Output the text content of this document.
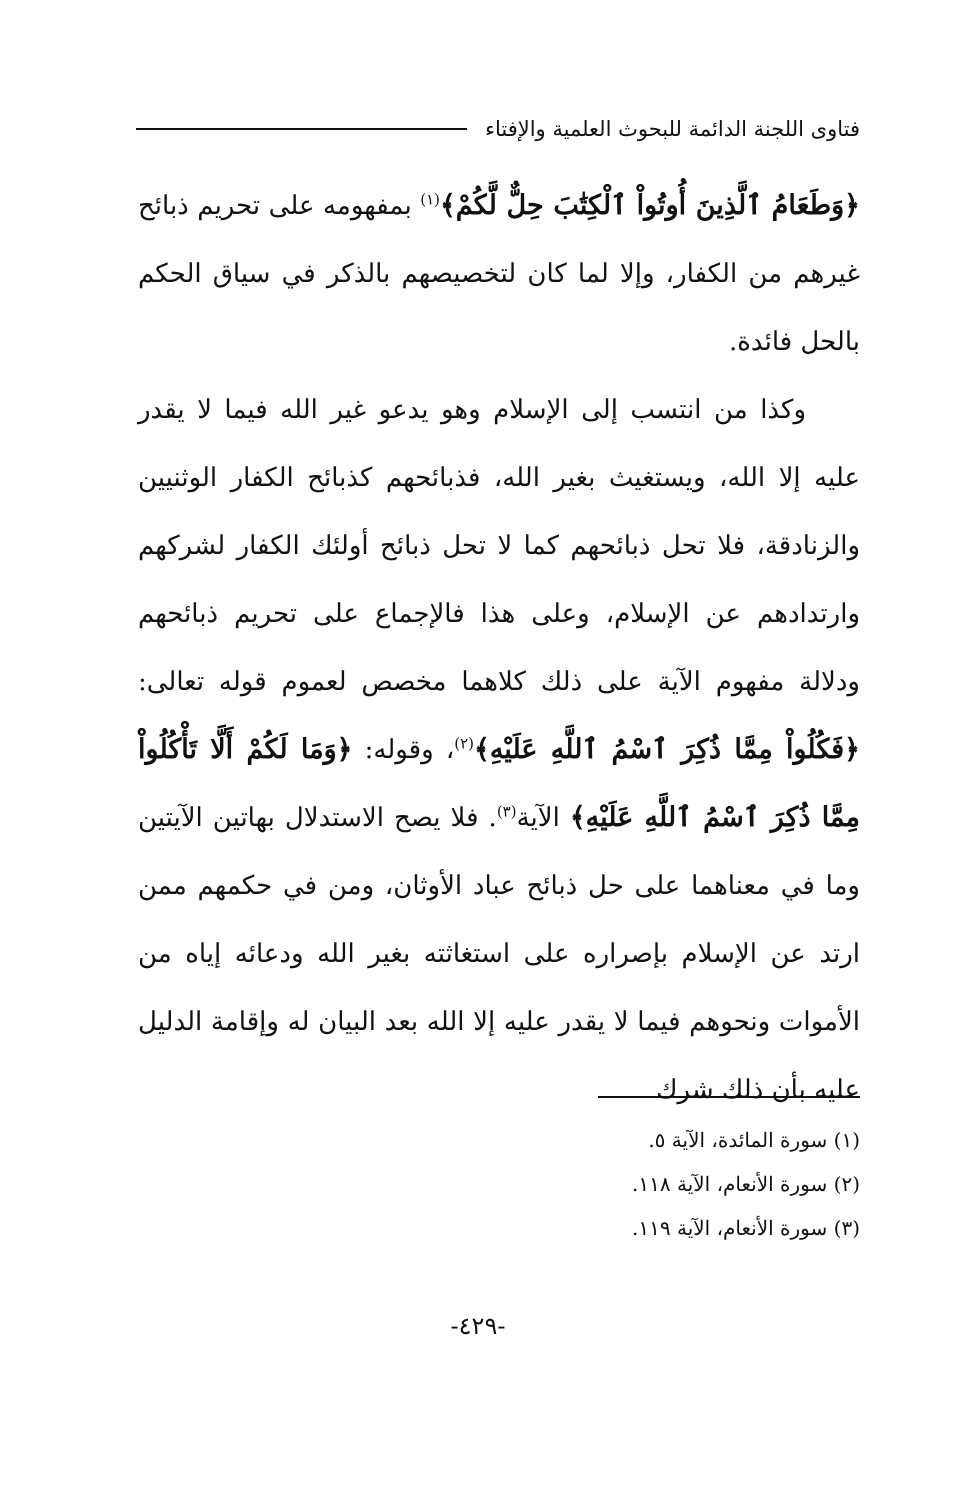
فتاوى اللجنة الدائمة للبحوث العلمية والإفتاء

﴿وَطَعَامُ ٱلَّذِينَ أُوتُواْ ٱلْكِتَٰبَ حِلٌّ لَّكُمْ﴾$^{(١)}$ بمفهومه على تحريم ذبائح غيرهم من الكفار، وإلا لما كان لتخصيصهم بالذكر في سياق الحكم بالحل فائدة.

وكذا من انتسب إلى الإسلام وهو يدعو غير الله فيما لا يقدر عليه إلا الله، ويستغيث بغير الله، فذبائحهم كذبائح الكفار الوثنيين والزنادقة، فلا تحل ذبائحهم كما لا تحل ذبائح أولئك الكفار لشركهم وارتدادهم عن الإسلام، وعلى هذا فالإجماع على تحريم ذبائحهم ودلالة مفهوم الآية على ذلك كلاهما مخصص لعموم قوله تعالى: ﴿فَكُلُواْ مِمَّا ذُكِرَ ٱسْمُ ٱللَّهِ عَلَيْهِ﴾$^{(٢)}$، وقوله: ﴿وَمَا لَكُمْ أَلَّا تَأْكُلُواْ مِمَّا ذُكِرَ ٱسْمُ ٱللَّهِ عَلَيْهِ﴾ الآية$^{(٣)}$. فلا يصح الاستدلال بهاتين الآيتين وما في معناهما على حل ذبائح عباد الأوثان، ومن في حكمهم ممن ارتد عن الإسلام بإصراره على استغاثته بغير الله ودعائه إياه من الأموات ونحوهم فيما لا يقدر عليه إلا الله بعد البيان له وإقامة الدليل عليه بأن ذلك شرك

(١) سورة المائدة، الآية ٥.
(٢) سورة الأنعام، الآية ١١٨.
(٣) سورة الأنعام، الآية ١١٩.
-٤٢٩-
